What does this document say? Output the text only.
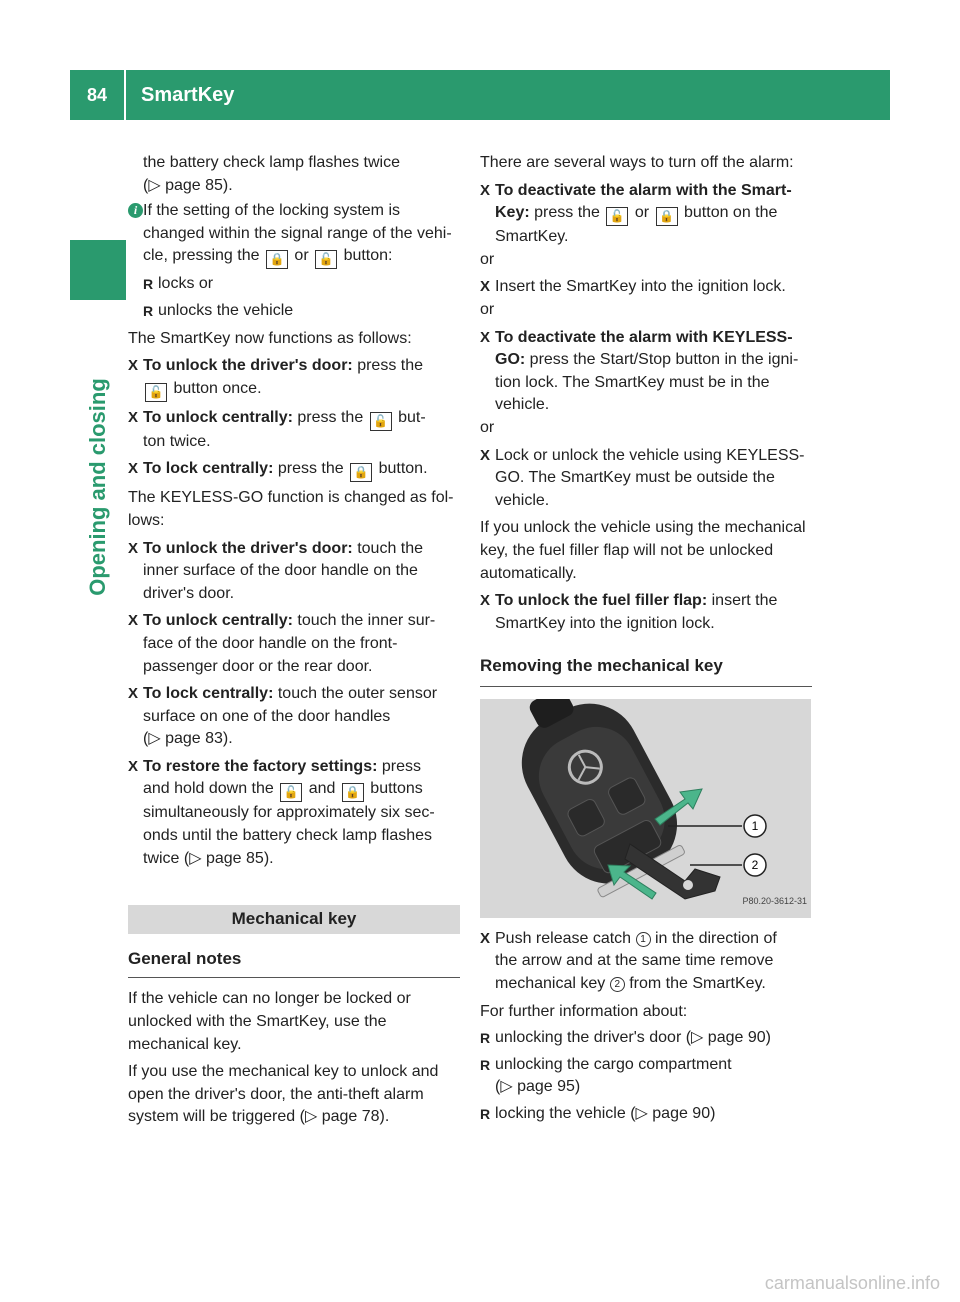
84	SmartKey
Opening and closing

the battery check lamp flashes twice

(▷ page 85).

i If the setting of the locking system is
changed within the signal range of the vehi-
cle, pressing the 🔒 or 🔓 button:
R locks or
R unlocks the vehicle

The SmartKey now functions as follows:

X To unlock the driver's door: press the
🔓 button once.
X To unlock centrally: press the 🔓 but-
ton twice.
X To lock centrally: press the 🔒 button.

The KEYLESS-GO function is changed as fol-

lows:

X To unlock the driver's door: touch the
inner surface of the door handle on the
driver's door.
X To unlock centrally: touch the inner sur-
face of the door handle on the front-
passenger door or the rear door.
X To lock centrally: touch the outer sensor
surface on one of the door handles
(▷ page 83).
X To restore the factory settings: press
and hold down the 🔓 and 🔒 buttons
simultaneously for approximately six sec-
onds until the battery check lamp flashes
twice (▷ page 85).
Mechanical key
General notes

If the vehicle can no longer be locked or

unlocked with the SmartKey, use the

mechanical key.

If you use the mechanical key to unlock and

open the driver's door, the anti-theft alarm

system will be triggered (▷ page 78).

There are several ways to turn off the alarm:

X To deactivate the alarm with the Smart-
Key: press the 🔓 or 🔒 button on the
SmartKey.

or

X Insert the SmartKey into the ignition lock.

or

X To deactivate the alarm with KEYLESS-
GO: press the Start/Stop button in the igni-
tion lock. The SmartKey must be in the
vehicle.

or

X Lock or unlock the vehicle using KEYLESS-
GO. The SmartKey must be outside the
vehicle.

If you unlock the vehicle using the mechanical

key, the fuel filler flap will not be unlocked

automatically.

X To unlock the fuel filler flap: insert the
SmartKey into the ignition lock.
Removing the mechanical key
1
2
P80.20-3612-31
X Push release catch 1 in the direction of
the arrow and at the same time remove
mechanical key 2 from the SmartKey.

For further information about:

R unlocking the driver's door (▷ page 90)
R unlocking the cargo compartment
(▷ page 95)
R locking the vehicle (▷ page 90)
carmanualsonline.info
